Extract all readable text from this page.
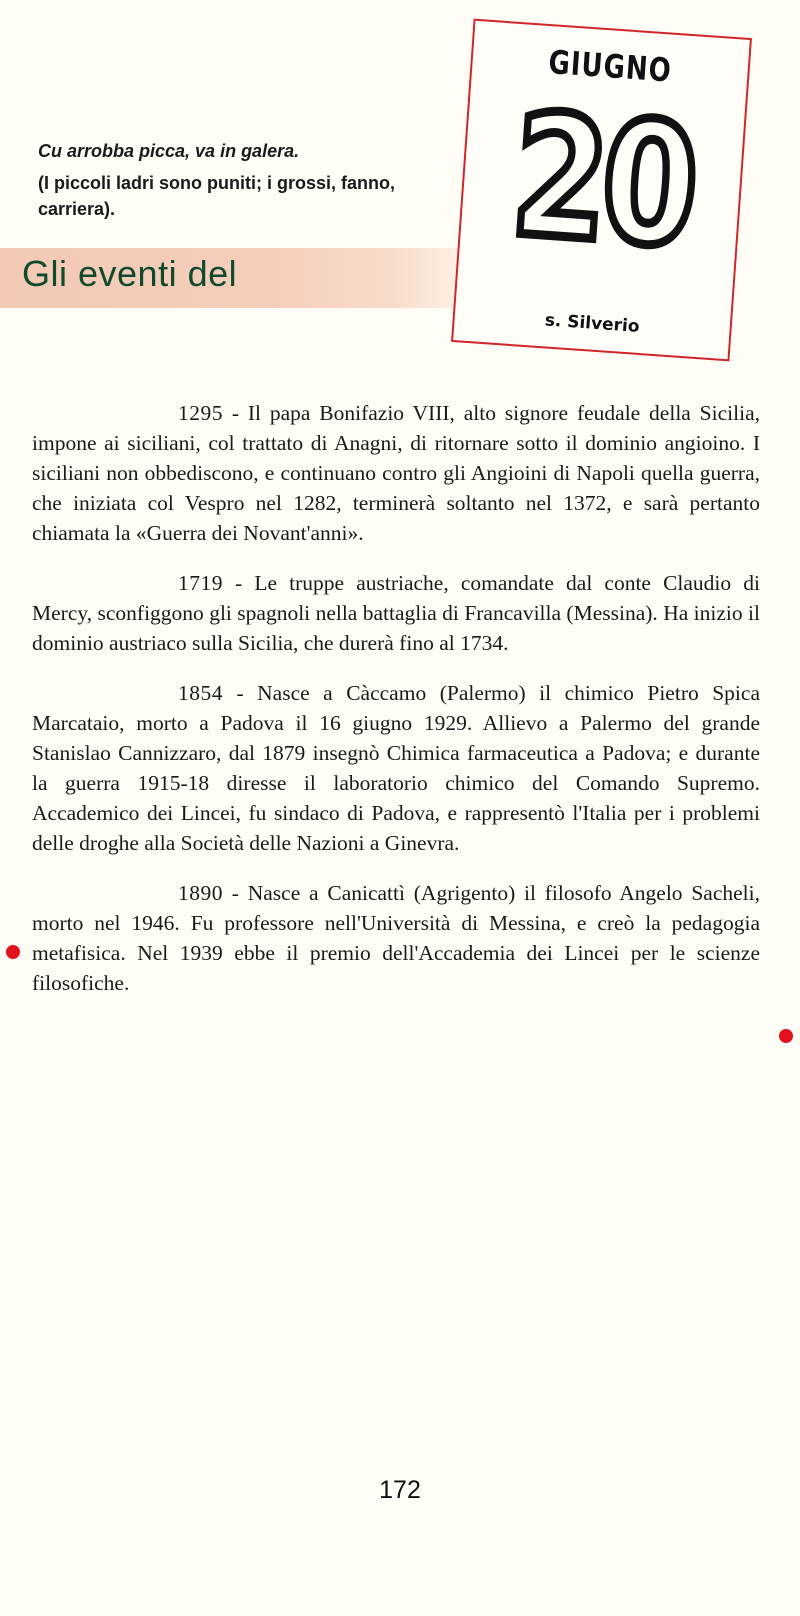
Cu arrobba picca, va in galera.
(I piccoli ladri sono puniti; i grossi, fanno, carriera).
Gli eventi del
GIUGNO
20
s. Silverio

1295 - Il papa Bonifazio VIII, alto signore feudale della Sicilia, impone ai siciliani, col trattato di Anagni, di ritornare sotto il dominio angioino. I siciliani non obbediscono, e continuano contro gli Angioini di Napoli quella guerra, che iniziata col Vespro nel 1282, terminerà soltanto nel 1372, e sarà pertanto chiamata la «Guerra dei Novant'anni».

1719 - Le truppe austriache, comandate dal conte Claudio di Mercy, sconfiggono gli spagnoli nella battaglia di Francavilla (Messina). Ha inizio il dominio austriaco sulla Sicilia, che durerà fino al 1734.

1854 - Nasce a Càccamo (Palermo) il chimico Pietro Spica Marcataio, morto a Padova il 16 giugno 1929. Allievo a Palermo del grande Stanislao Cannizzaro, dal 1879 insegnò Chimica farmaceutica a Padova; e durante la guerra 1915-18 diresse il laboratorio chimico del Comando Supremo. Accademico dei Lincei, fu sindaco di Padova, e rappresentò l'Italia per i problemi delle droghe alla Società delle Nazioni a Ginevra.

1890 - Nasce a Canicattì (Agrigento) il filosofo Angelo Sacheli, morto nel 1946. Fu professore nell'Università di Messina, e creò la pedagogia metafisica. Nel 1939 ebbe il premio dell'Accademia dei Lincei per le scienze filosofiche.

172
